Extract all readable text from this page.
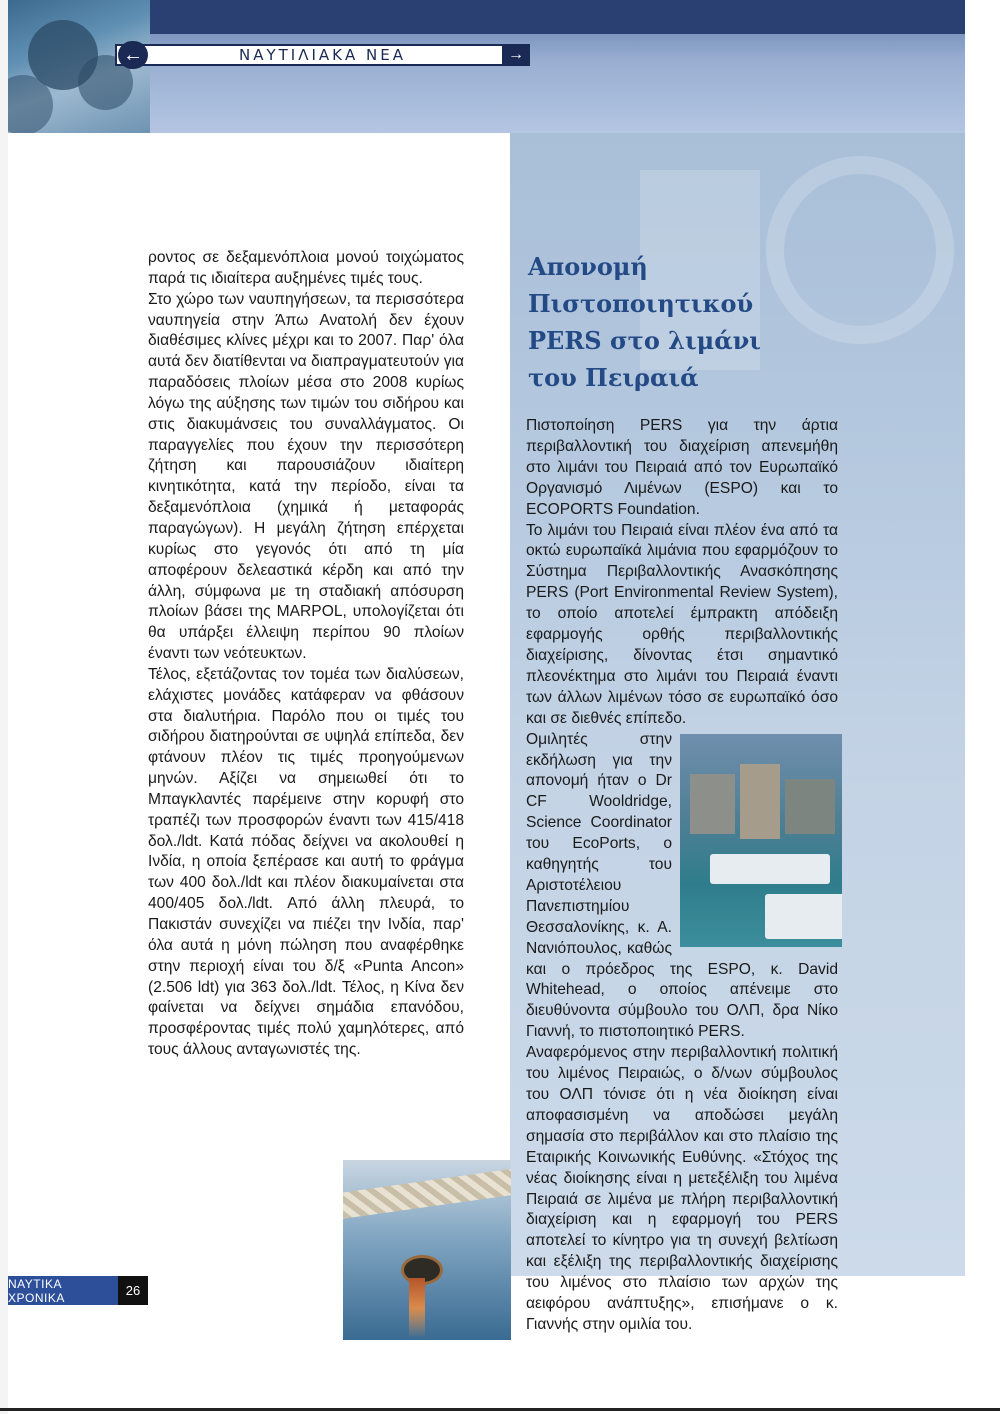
ΝΑΥΤΙΛΙΑΚΑ ΝΕΑ
←	→

ροντος σε δεξαμενόπλοια μονού τοιχώματος παρά τις ιδιαίτερα αυξημένες τιμές τους.

Στο χώρο των ναυπηγήσεων, τα περισσότερα ναυπηγεία στην Άπω Ανατολή δεν έχουν διαθέσιμες κλίνες μέχρι και το 2007. Παρ' όλα αυτά δεν διατίθενται να διαπραγματευτούν για παραδόσεις πλοίων μέσα στο 2008 κυρίως λόγω της αύξησης των τιμών του σιδήρου και στις διακυμάνσεις του συναλλάγματος. Οι παραγγελίες που έχουν την περισσότερη ζήτηση και παρουσιάζουν ιδιαίτερη κινητικότητα, κατά την περίοδο, είναι τα δεξαμενόπλοια (χημικά ή μεταφοράς παραγώγων). Η μεγάλη ζήτηση επέρχεται κυρίως στο γεγονός ότι από τη μία αποφέρουν δελεαστικά κέρδη και από την άλλη, σύμφωνα με τη σταδιακή απόσυρση πλοίων βάσει της MARPOL, υπολογίζεται ότι θα υπάρξει έλλειψη περίπου 90 πλοίων έναντι των νεότευκτων.

Τέλος, εξετάζοντας τον τομέα των διαλύσεων, ελάχιστες μονάδες κατάφεραν να φθάσουν στα διαλυτήρια. Παρόλο που οι τιμές του σιδήρου διατηρούνται σε υψηλά επίπεδα, δεν φτάνουν πλέον τις τιμές προηγούμενων μηνών. Αξίζει να σημειωθεί ότι το Μπαγκλαντές παρέμεινε στην κορυφή στο τραπέζι των προσφορών έναντι των 415/418 δολ./ldt. Κατά πόδας δείχνει να ακολουθεί η Ινδία, η οποία ξεπέρασε και αυτή το φράγμα των 400 δολ./ldt και πλέον διακυμαίνεται στα 400/405 δολ./ldt. Από άλλη πλευρά, το Πακιστάν συνεχίζει να πιέζει την Ινδία, παρ' όλα αυτά η μόνη πώληση που αναφέρθηκε στην περιοχή είναι του δ/ξ «Punta Ancon» (2.506 ldt) για 363 δολ./ldt. Τέλος, η Κίνα δεν φαίνεται να δείχνει σημάδια επανόδου, προσφέροντας τιμές πολύ χαμηλότερες, από τους άλλους ανταγωνιστές της.

Απονομή Πιστοποιητικού
PERS στο λιμάνι
του Πειραιά

Πιστοποίηση PERS για την άρτια περιβαλλοντική του διαχείριση απενεμήθη στο λιμάνι του Πειραιά από τον Ευρωπαϊκό Οργανισμό Λιμένων (ESPO) και το ECOPORTS Foundation.

Το λιμάνι του Πειραιά είναι πλέον ένα από τα οκτώ ευρωπαϊκά λιμάνια που εφαρμόζουν το Σύστημα Περιβαλλοντικής Ανασκόπησης PERS (Port Environmental Review System), το οποίο αποτελεί έμπρακτη απόδειξη εφαρμογής ορθής περιβαλλοντικής διαχείρισης, δίνοντας έτσι σημαντικό πλεονέκτημα στο λιμάνι του Πειραιά έναντι των άλλων λιμένων τόσο σε ευρωπαϊκό όσο και σε διεθνές επίπεδο.

Ομιλητές στην εκδήλωση για την απονομή ήταν ο Dr CF Wooldridge, Science Coordinator του EcoPorts, ο καθηγητής του Αριστοτέλειου Πανεπιστημίου Θεσσαλονίκης, κ. Α. Νανιόπουλος, καθώς και ο πρόεδρος της ESPO, κ. David Whitehead, ο οποίος απένειμε στο διευθύνοντα σύμβουλο του ΟΛΠ, δρα Νίκο Γιαννή, το πιστοποιητικό PERS.

Αναφερόμενος στην περιβαλλοντική πολιτική του λιμένος Πειραιώς, ο δ/νων σύμβουλος του ΟΛΠ τόνισε ότι η νέα διοίκηση είναι αποφασισμένη να αποδώσει μεγάλη σημασία στο περιβάλλον και στο πλαίσιο της Εταιρικής Κοινωνικής Ευθύνης. «Στόχος της νέας διοίκησης είναι η μετεξέλιξη του λιμένα Πειραιά σε λιμένα με πλήρη περιβαλλοντική διαχείριση και η εφαρμογή του PERS αποτελεί το κίνητρο για τη συνεχή βελτίωση και εξέλιξη της περιβαλλοντικής διαχείρισης του λιμένος στο πλαίσιο των αρχών της αειφόρου ανάπτυξης», επισήμανε ο κ. Γιαννής στην ομιλία του.

ΝΑΥΤΙΚΑ ΧΡΟΝΙΚΑ	26
